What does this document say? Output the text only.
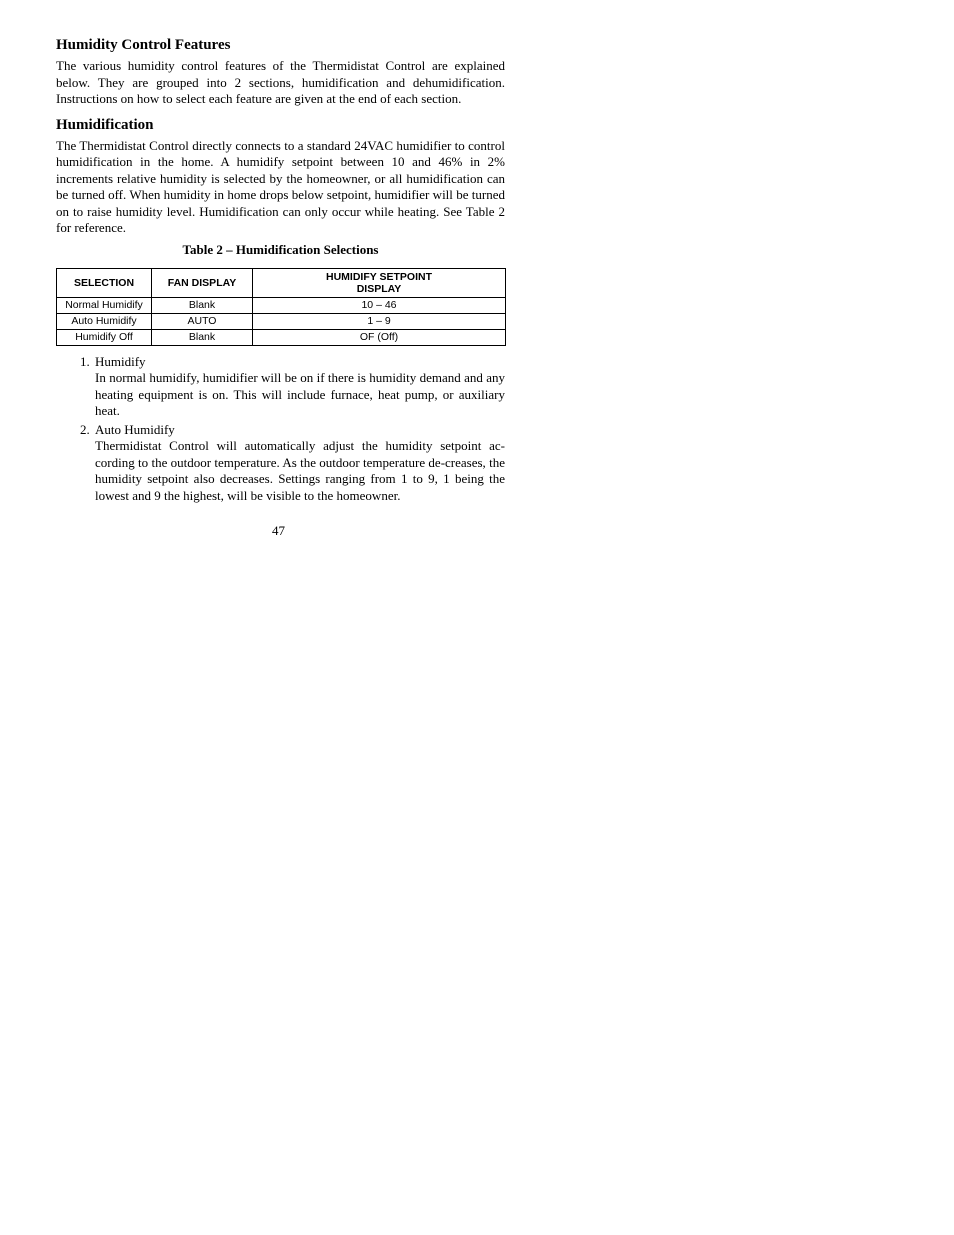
Humidity Control Features

The various humidity control features of the Thermidistat Control are explained below. They are grouped into 2 sections, humidification and dehumidification. Instructions on how to select each feature are given at the end of each section.

Humidification

The Thermidistat Control directly connects to a standard 24VAC humidifier to control humidification in the home. A humidify setpoint between 10 and 46% in 2% increments relative humidity is selected by the homeowner, or all humidification can be turned off. When humidity in home drops below setpoint, humidifier will be turned on to raise humidity level. Humidification can only occur while heating. See Table 2 for reference.

Table 2 – Humidification Selections
SELECTION	FAN DISPLAY	HUMIDIFY SETPOINT DISPLAY
Normal Humidify	Blank	10 – 46
Auto Humidify	AUTO	1 – 9
Humidify Off	Blank	OF (Off)
1. Humidify

In normal humidify, humidifier will be on if there is humidity demand and any heating equipment is on. This will include furnace, heat pump, or auxiliary heat.

2. Auto Humidify

Thermidistat Control will automatically adjust the humidity setpoint ac-cording to the outdoor temperature. As the outdoor temperature de-creases, the humidity setpoint also decreases. Settings ranging from 1 to 9, 1 being the lowest and 9 the highest, will be visible to the homeowner.

47
